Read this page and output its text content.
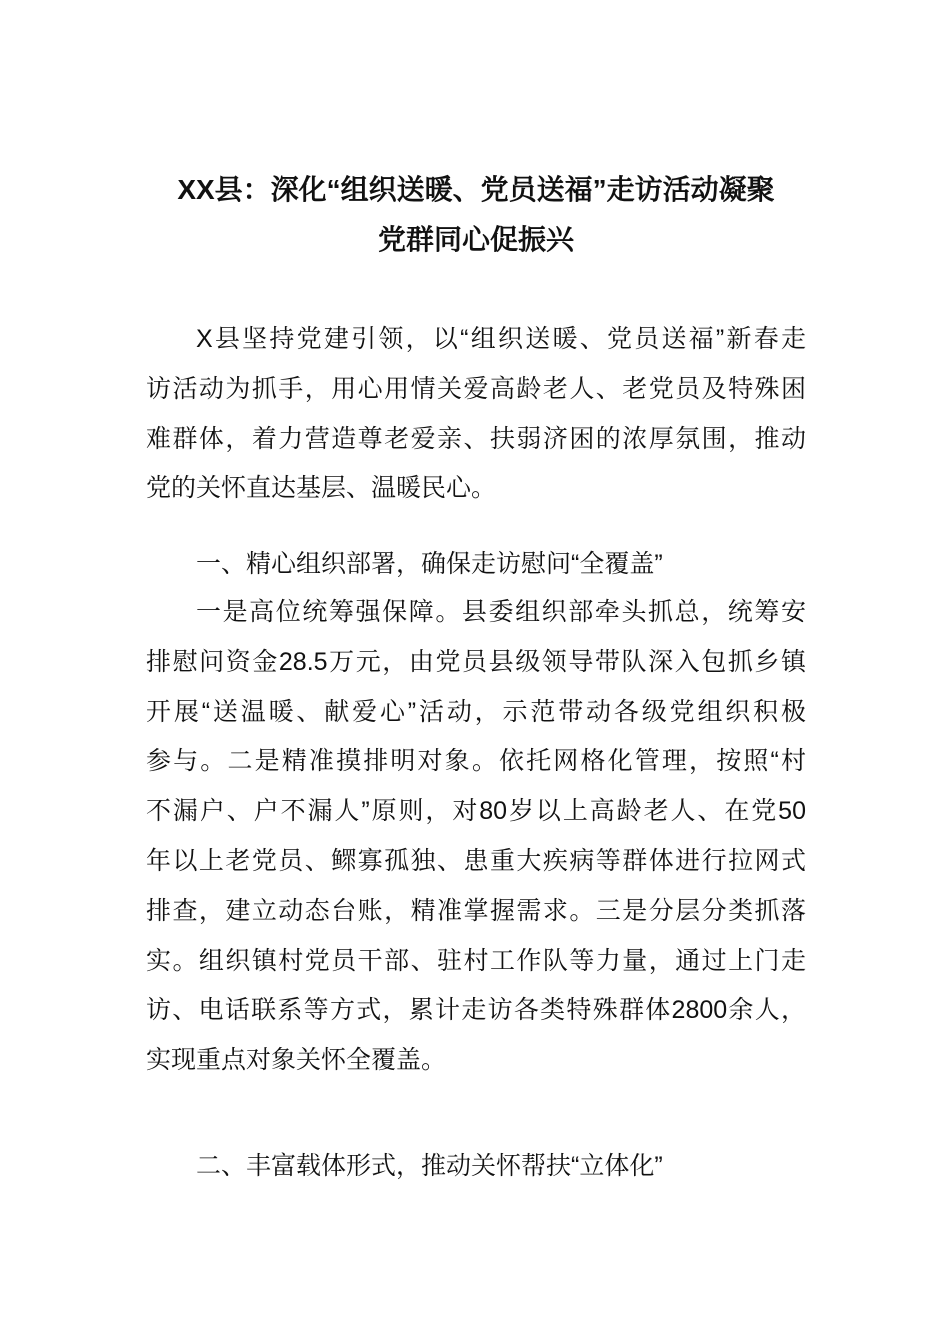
XX县：深化“组织送暖、党员送福”走访活动凝聚
党群同心促振兴
X县坚持党建引领，以“组织送暖、党员送福”新春走
访活动为抓手，用心用情关爱高龄老人、老党员及特殊困
难群体，着力营造尊老爱亲、扶弱济困的浓厚氛围，推动
党的关怀直达基层、温暖民心。
一、精心组织部署，确保走访慰问“全覆盖”
一是高位统筹强保障。县委组织部牵头抓总，统筹安
排慰问资金28.5万元，由党员县级领导带队深入包抓乡镇
开展“送温暖、献爱心”活动，示范带动各级党组织积极
参与。二是精准摸排明对象。依托网格化管理，按照“村
不漏户、户不漏人”原则，对80岁以上高龄老人、在党50
年以上老党员、鳏寡孤独、患重大疾病等群体进行拉网式
排查，建立动态台账，精准掌握需求。三是分层分类抓落
实。组织镇村党员干部、驻村工作队等力量，通过上门走
访、电话联系等方式，累计走访各类特殊群体2800余人，
实现重点对象关怀全覆盖。
二、丰富载体形式，推动关怀帮扶“立体化”
